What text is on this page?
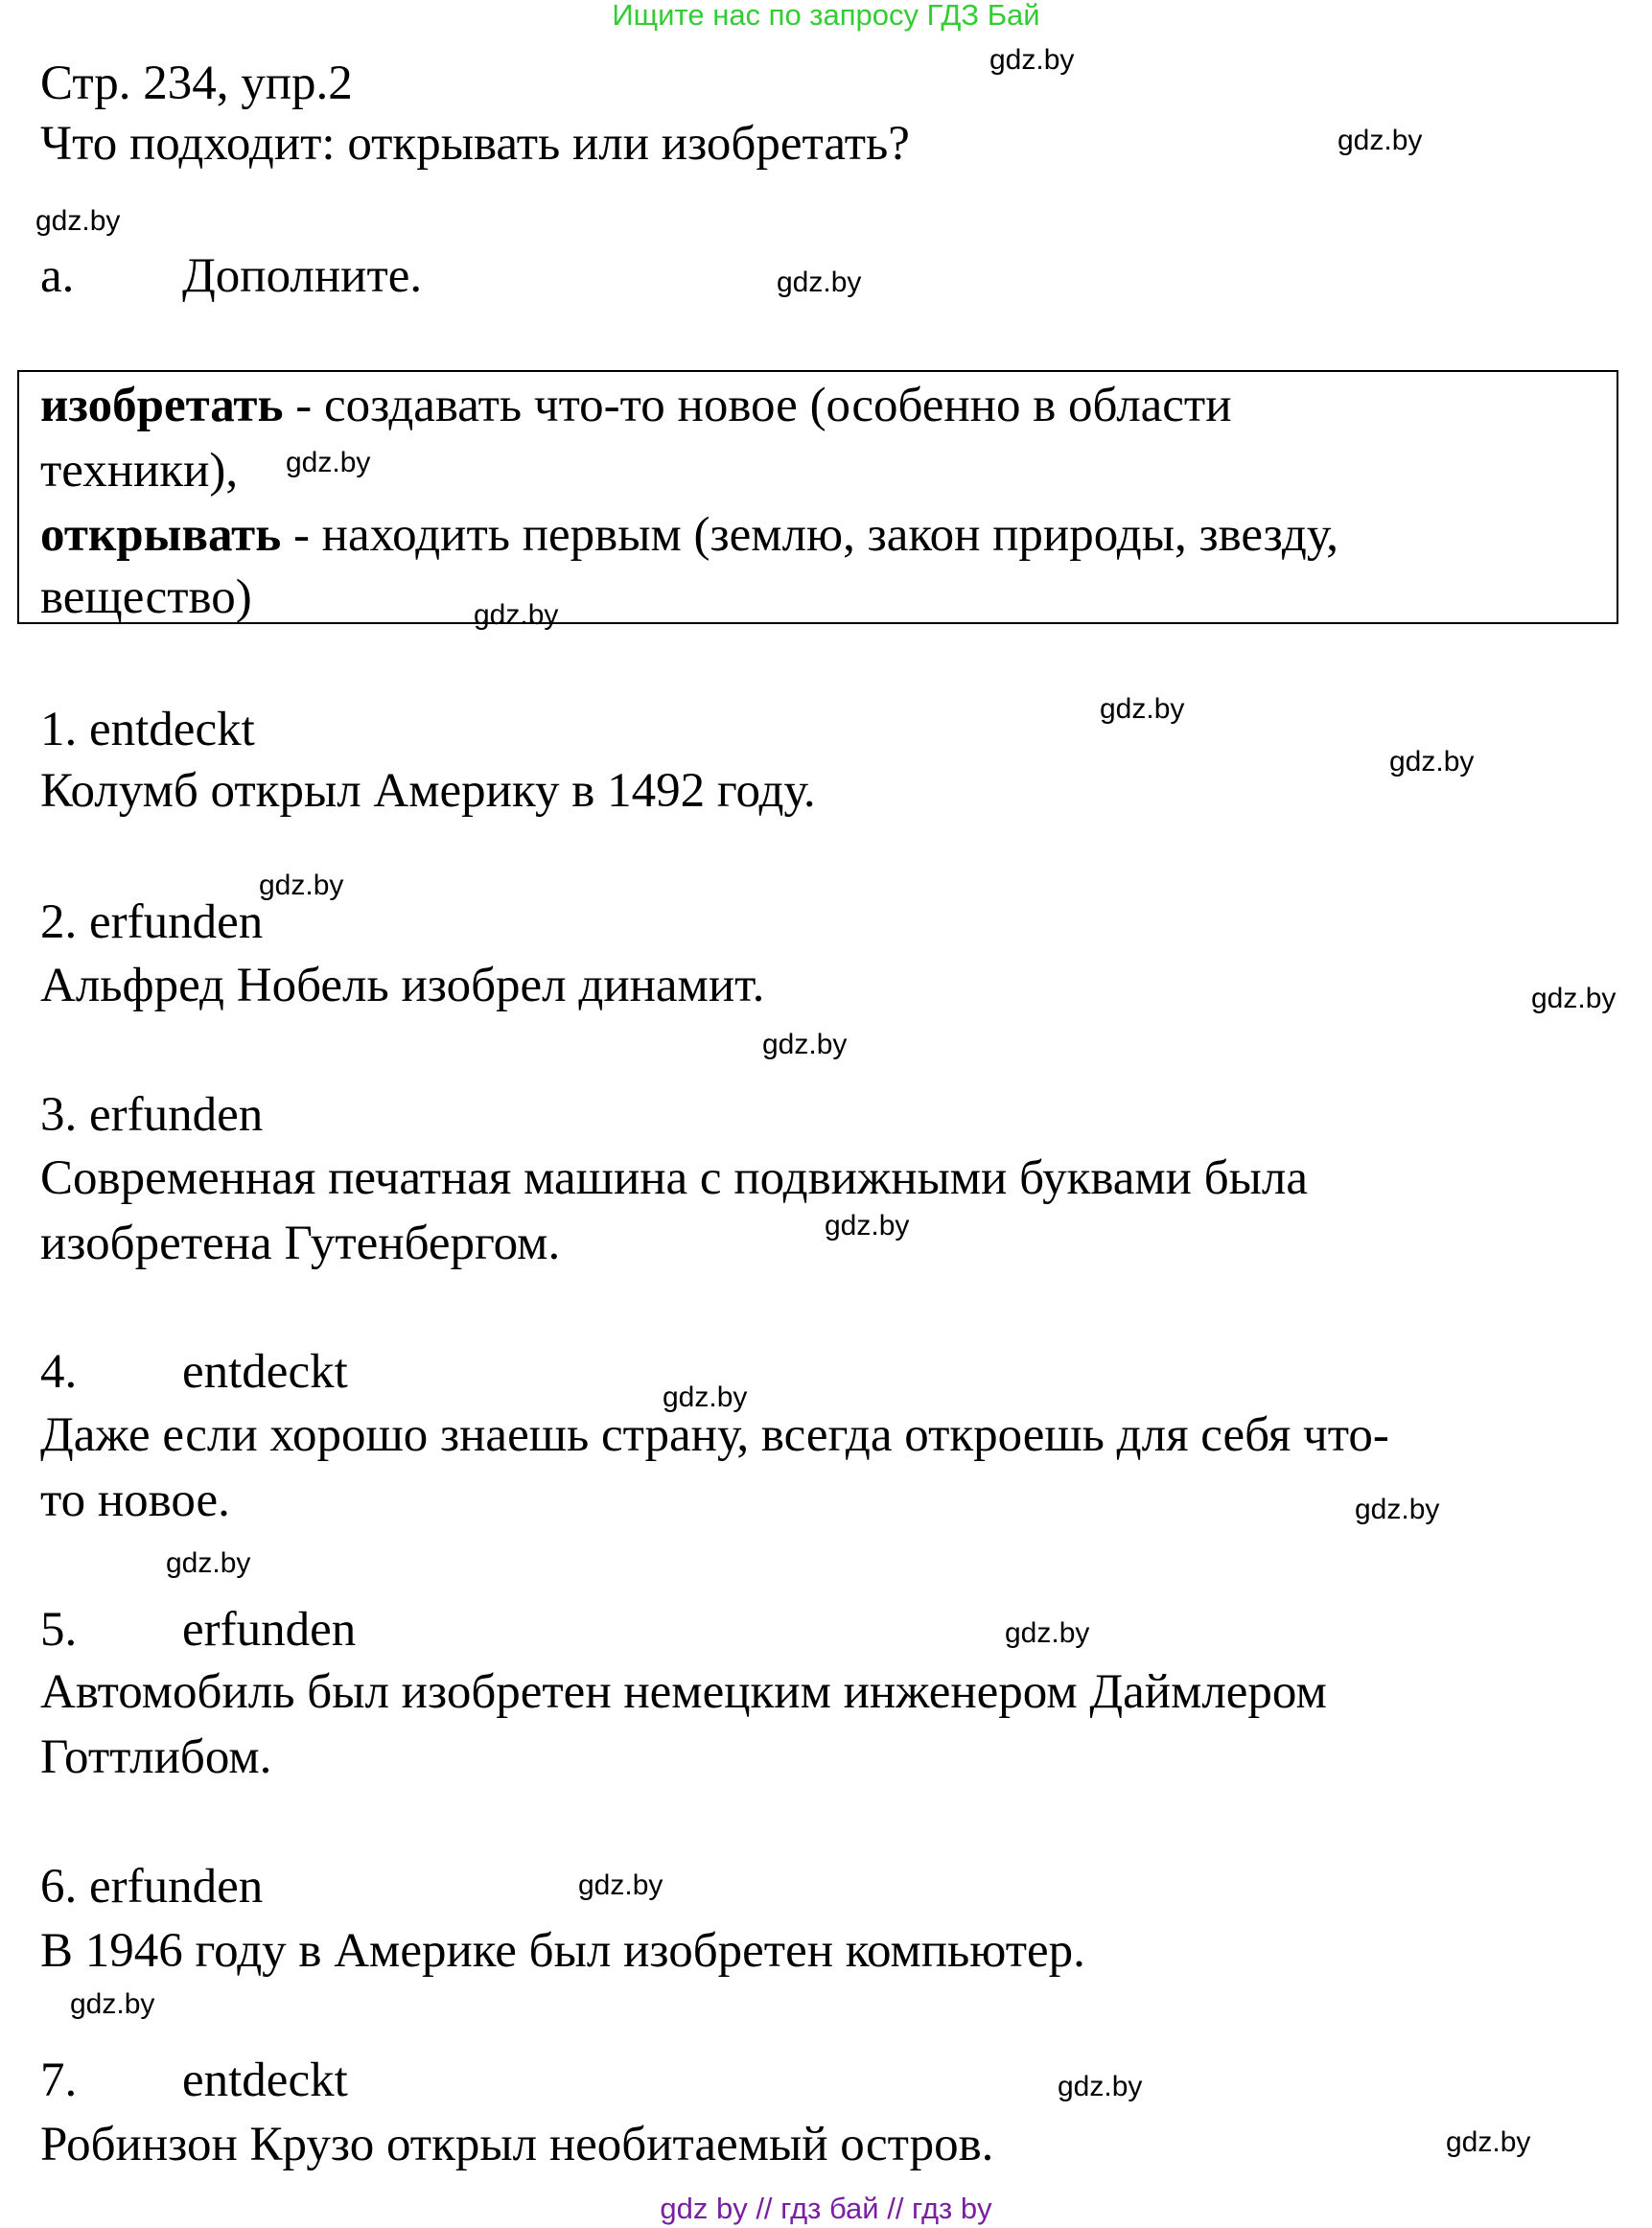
Ищите нас по запросу ГДЗ Бай
Стр. 234, упр.2
Что подходит: открывать или изобретать?
а. Дополните.
изобретать - создавать что-то новое (особенно в области
техники),
открывать - находить первым (землю, закон природы, звезду,
вещество)
1. entdeckt
Колумб открыл Америку в 1492 году.
2. erfunden
Альфред Нобель изобрел динамит.
3. erfunden
Современная печатная машина с подвижными буквами была
изобретена Гутенбергом.
4. entdeckt
Даже если хорошо знаешь страну, всегда откроешь для себя что-
то новое.
5. erfunden
Автомобиль был изобретен немецким инженером Даймлером
Готтлибом.
6. erfunden
В 1946 году в Америке был изобретен компьютер.
7. entdeckt
Робинзон Крузо открыл необитаемый остров.
gdz.by
gdz.by
gdz.by
gdz.by
gdz.by
gdz.by
gdz.by
gdz.by
gdz.by
gdz.by
gdz.by
gdz.by
gdz.by
gdz.by
gdz.by
gdz.by
gdz.by
gdz.by
gdz.by
gdz.by
gdz by // гдз бай // гдз by
